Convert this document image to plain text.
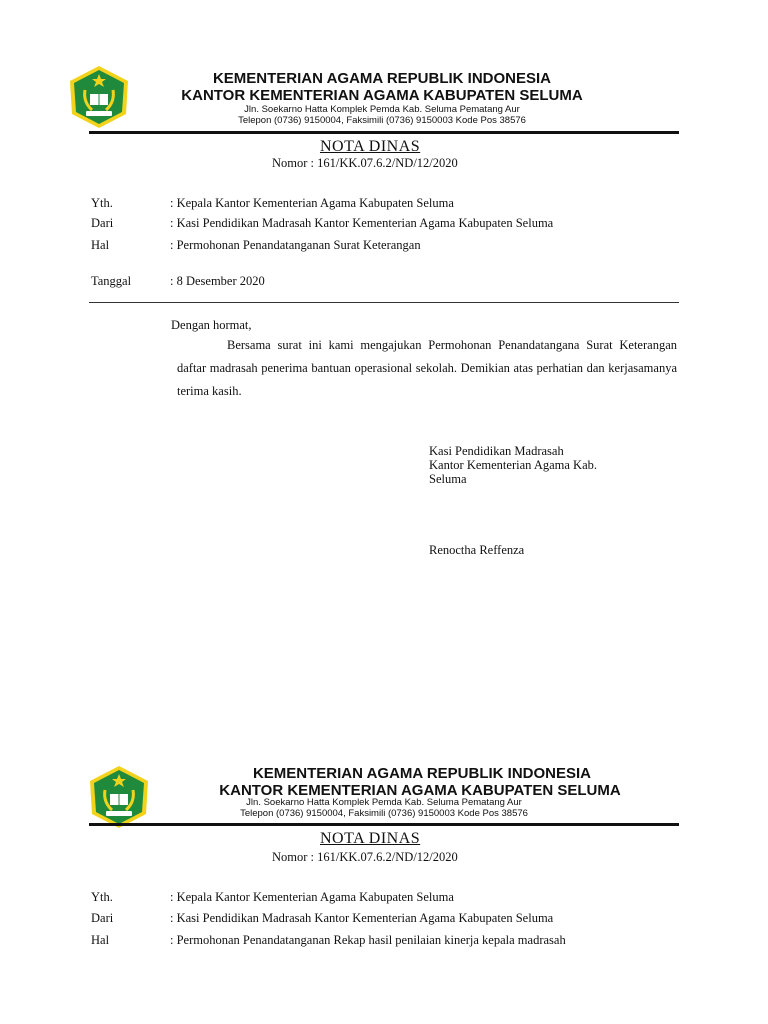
KEMENTERIAN AGAMA REPUBLIK INDONESIA
KANTOR KEMENTERIAN AGAMA KABUPATEN SELUMA
Jln. Soekarno Hatta Komplek Pemda Kab. Seluma Pematang Aur
Telepon (0736) 9150004, Faksimili (0736) 9150003 Kode Pos 38576
NOTA DINAS
Nomor : 161/KK.07.6.2/ND/12/2020
Yth.	: Kepala Kantor Kementerian Agama Kabupaten Seluma
Dari	: Kasi Pendidikan Madrasah Kantor Kementerian Agama Kabupaten Seluma
Hal	: Permohonan Penandatanganan Surat Keterangan
Tanggal	: 8 Desember 2020
Dengan hormat,
Bersama surat ini kami mengajukan Permohonan Penandatangana Surat Keterangan daftar madrasah penerima bantuan operasional sekolah. Demikian atas perhatian dan kerjasamanya terima kasih.
Kasi Pendidikan Madrasah
Kantor Kementerian Agama Kab.
Seluma
Renoctha Reffenza
KEMENTERIAN AGAMA REPUBLIK INDONESIA
KANTOR KEMENTERIAN AGAMA KABUPATEN SELUMA
Jln. Soekarno Hatta Komplek Pemda Kab. Seluma Pematang Aur
Telepon (0736) 9150004, Faksimili (0736) 9150003 Kode Pos 38576
NOTA DINAS
Nomor : 161/KK.07.6.2/ND/12/2020
Yth.	: Kepala Kantor Kementerian Agama Kabupaten Seluma
Dari	: Kasi Pendidikan Madrasah Kantor Kementerian Agama Kabupaten Seluma
Hal	: Permohonan Penandatanganan Rekap hasil penilaian kinerja kepala madrasah
